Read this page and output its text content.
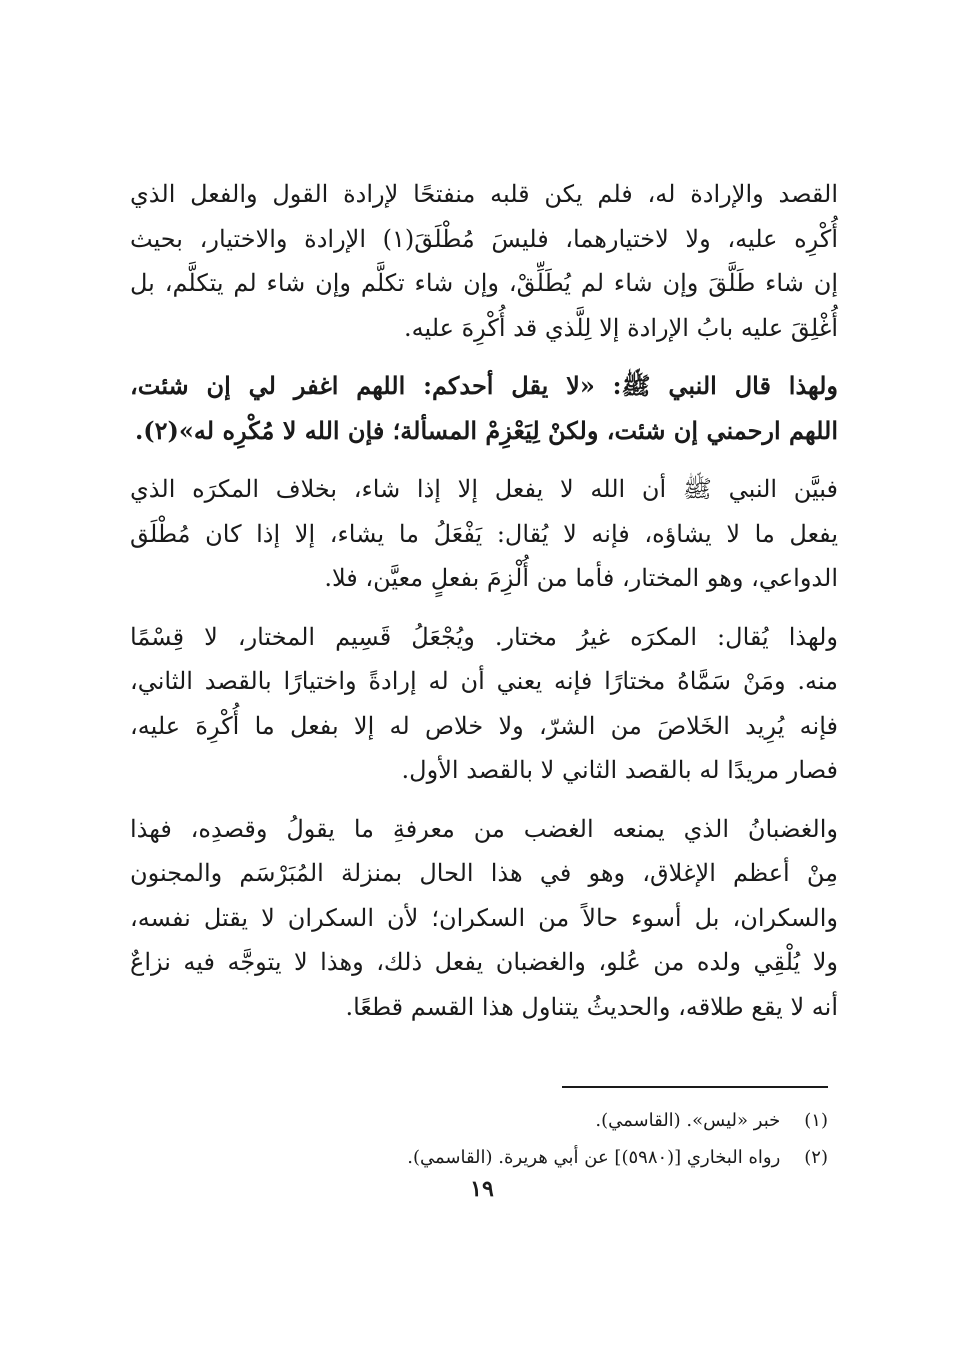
القصد والإرادة له، فلم يكن قلبه منفتحًا لإرادة القول والفعل الذي
أُكْرِه عليه، ولا لاختيارهما، فليسَ مُطْلَقَ(١) الإرادة والاختيار، بحيث
إن شاء طَلَّقَ وإن شاء لم يُطَلِّقْ، وإن شاء تكلَّم وإن شاء لم يتكلَّم، بل
أُغْلِقَ عليه بابُ الإرادة إلا لِلَّذي قد أُكْرِهَ عليه.

ولهذا قال النبي ﷺ: «لا يقل أحدكم: اللهم اغفر لي إن شئت،
اللهم ارحمني إن شئت، ولكنْ لِيَعْزِمْ المسألة؛ فإن الله لا مُكْرِه له»(٢).

فبيَّن النبي ﷺ أن الله لا يفعل إلا إذا شاء، بخلاف المكرَه الذي
يفعل ما لا يشاؤه، فإنه لا يُقال: يَفْعَلُ ما يشاء، إلا إذا كان مُطْلَق
الدواعي، وهو المختار، فأما من أُلْزِمَ بفعلٍ معيَّن، فلا.

ولهذا يُقال: المكرَه غيرُ مختار. ويُجْعَلُ قَسِيم المختار، لا قِسْمًا
منه. ومَنْ سَمَّاهُ مختارًا فإنه يعني أن له إرادةً واختيارًا بالقصد الثاني،
فإنه يُرِيد الخَلاصَ من الشرّ، ولا خلاص له إلا بفعل ما أُكْرِهَ عليه،
فصار مريدًا له بالقصد الثاني لا بالقصد الأول.

والغضبانُ الذي يمنعه الغضب من معرفةِ ما يقولُ وقصدِه، فهذا
مِنْ أعظم الإغلاق، وهو في هذا الحال بمنزلة المُبَرْسَم والمجنون
والسكران، بل أسوء حالاً من السكران؛ لأن السكران لا يقتل نفسه،
ولا يُلْقِي ولده من عُلو، والغضبان يفعل ذلك، وهذا لا يتوجَّه فيه نزاعٌ
أنه لا يقع طلاقه، والحديثُ يتناول هذا القسم قطعًا.

(١) خبر «ليس». (القاسمي).
(٢) رواه البخاري [(٥٩٨٠)] عن أبي هريرة. (القاسمي).
١٩
